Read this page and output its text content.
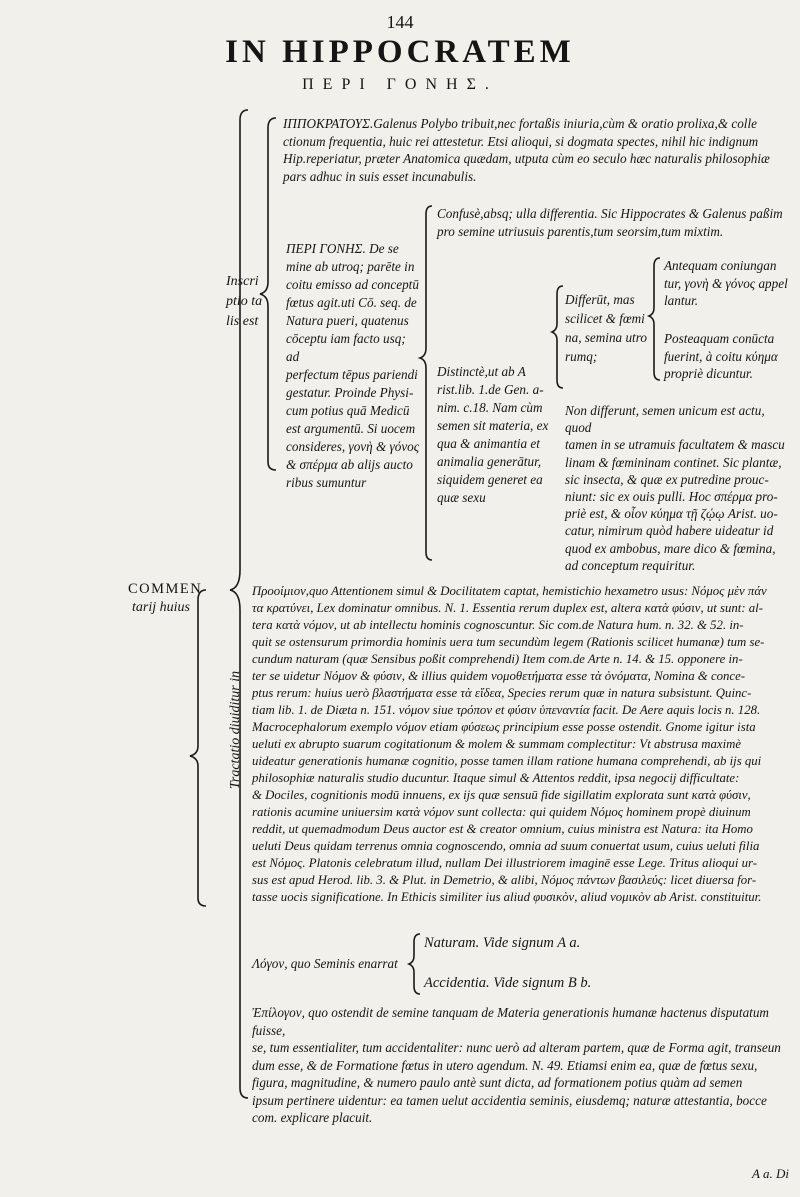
144
IN HIPPOCRATEM
ΠΕΡΙ ΓΟΝΗΣ.
COMMEN
tarij huius
Inscri
ptio ta
lis est
ΙΠΠΟΚΡΑΤΟΥΣ.Galenus Polybo tribuit,nec fortaßis iniuria,cùm & oratio prolixa,& colle
ctionum frequentia, huic rei attestetur. Etsi alioqui, si dogmata spectes, nihil hic indignum
Hip.reperiatur, præter Anatomica quædam, utputa cùm eo seculo hæc naturalis philosophiæ
pars adhuc in suis esset incunabulis.
ΠΕΡΙ ΓΟΝΗΣ. De se
mine ab utroq; parēte in
coitu emisso ad conceptū
fœtus agit.uti Cō. seq. de
Natura pueri, quatenus
cōceptu iam facto usq; ad
perfectum tēpus pariendi
gestatur. Proinde Physi-
cum potius quā Medicū
est argumentū. Si uocem
consideres, γονὴ & γόνος
& σπέρμα ab alijs aucto
ribus sumuntur
Confusè,absq; ulla differentia. Sic Hippocrates & Galenus paßim
pro semine utriusuis parentis,tum seorsim,tum mixtim.
Distinctè,ut ab A
rist.lib. 1.de Gen. a-
nim. c.18. Nam cùm
semen sit materia, ex
qua & animantia et
animalia generātur,
siquidem generet ea
quæ sexu
Differūt, mas
scilicet & fœmi
na, semina utro
rumq;
Antequam coniungan
tur, γονὴ & γόνος appel
lantur.
Posteaquam conūcta
fuerint, à coitu κύημα
propriè dicuntur.
Non differunt, semen unicum est actu, quod
tamen in se utramuis facultatem & mascu
linam & fœmininam continet. Sic plantæ,
sic insecta, & quæ ex putredine prouc-
niunt: sic ex ouis pulli. Hoc σπέρμα pro-
priè est, & οἷον κύημα τῇ ζῴῳ Arist. uo-
catur, nimirum quòd habere uideatur id
quod ex ambobus, mare dico & fœmina,
ad conceptum requiritur.
Tractatio diuiditur in
Προοίμιον,quo Attentionem simul & Docilitatem captat, hemistichio hexametro usus: Νόμος μὲν πάν
τα κρατύνει, Lex dominatur omnibus. N. 1. Essentia rerum duplex est, altera κατὰ φύσιν, ut sunt: al-
tera κατὰ νόμον, ut ab intellectu hominis cognoscuntur. Sic com.de Natura hum. n. 32. & 52. in-
quit se ostensurum primordia hominis uera tum secundùm legem (Rationis scilicet humanæ) tum se-
cundum naturam (quæ Sensibus poßit comprehendi) Item com.de Arte n. 14. & 15. opponere in-
ter se uidetur Νόμον & φύσιν, & illius quidem νομοθετήματα esse τὰ ὀνόματα, Nomina & conce-
ptus rerum: huius uerò βλαστήματα esse τὰ εἴδεα, Species rerum quæ in natura subsistunt. Quinc-
tiam lib. 1. de Diæta n. 151. νόμον siue τρόπον et φύσιν ὑπεναντία facit. De Aere aquis locis n. 128.
Macrocephalorum exemplo νόμον etiam φύσεως principium esse posse ostendit. Gnome igitur ista
ueluti ex abrupto suarum cogitationum & molem & summam complectitur: Vt abstrusa maximè
uideatur generationis humanæ cognitio, posse tamen illam ratione humana comprehendi, ab ijs qui
philosophiæ naturalis studio ducuntur. Itaque simul & Attentos reddit, ipsa negocij difficultate:
& Dociles, cognitionis modū innuens, ex ijs quæ sensuū fide sigillatim explorata sunt κατὰ φύσιν,
rationis acumine uniuersim κατὰ νόμον sunt collecta: qui quidem Νόμος hominem propè diuinum
reddit, ut quemadmodum Deus auctor est & creator omnium, cuius ministra est Natura: ita Homo
ueluti Deus quidam terrenus omnia cognoscendo, omnia ad suum conuertat usum, cuius ueluti filia
est Νόμος. Platonis celebratum illud, nullam Dei illustriorem imaginē esse Lege. Tritus alioqui ur-
sus est apud Herod. lib. 3. & Plut. in Demetrio, & alibi, Νόμος πάντων βασιλεύς: licet diuersa for-
tasse uocis significatione. In Ethicis similiter ius aliud φυσικὸν, aliud νομικὸν ab Arist. constituitur.
Λόγον, quo Seminis enarrat
Naturam. Vide signum A a.
Accidentia. Vide signum B b.
Ἐπίλογον, quo ostendit de semine tanquam de Materia generationis humanæ hactenus disputatum fuisse,
se, tum essentialiter, tum accidentaliter: nunc uerò ad alteram partem, quæ de Forma agit, transeun
dum esse, & de Formatione fœtus in utero agendum. N. 49. Etiamsi enim ea, quæ de fœtus sexu,
figura, magnitudine, & numero paulo antè sunt dicta, ad formationem potius quàm ad semen
ipsum pertinere uidentur: ea tamen uelut accidentia seminis, eiusdemq; naturæ attestantia, bocce
com. explicare placuit.
A a. Di
